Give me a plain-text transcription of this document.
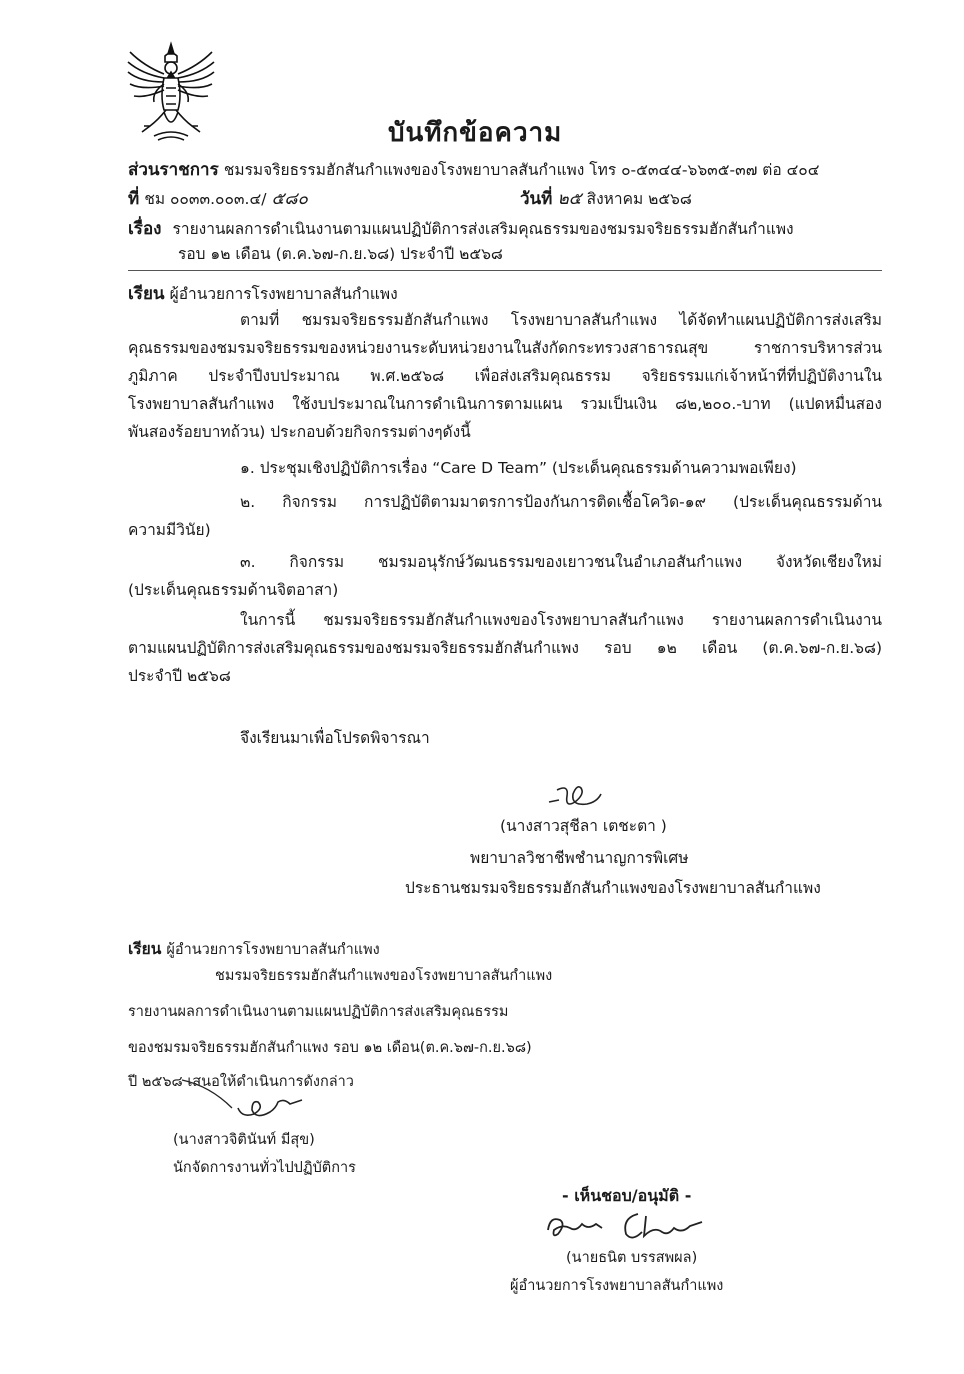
บันทึกข้อความ
ส่วนราชการ ชมรมจริยธรรมฮักสันกำแพงของโรงพยาบาลสันกำแพง โทร ๐-๕๓๔๔-๖๖๓๕-๓๗ ต่อ ๔๐๔
ที่ ชม ๐๐๓๓.๐๐๓.๔/ ๕๘๐	วันที่ ๒๕ สิงหาคม ๒๕๖๘
เรื่อง รายงานผลการดำเนินงานตามแผนปฏิบัติการส่งเสริมคุณธรรมของชมรมจริยธรรมฮักสันกำแพง
รอบ ๑๒ เดือน (ต.ค.๖๗-ก.ย.๖๘) ประจำปี ๒๕๖๘
เรียน ผู้อำนวยการโรงพยาบาลสันกำแพง
ตามที่ ชมรมจริยธรรมฮักสันกำแพง โรงพยาบาลสันกำแพง ได้จัดทำแผนปฏิบัติการส่งเสริม
คุณธรรมของชมรมจริยธรรมของหน่วยงานระดับหน่วยงานในสังกัดกระทรวงสาธารณสุข ราชการบริหารส่วน
ภูมิภาค ประจำปีงบประมาณ พ.ศ.๒๕๖๘ เพื่อส่งเสริมคุณธรรม จริยธรรมแก่เจ้าหน้าที่ที่ปฏิบัติงานใน
โรงพยาบาลสันกำแพง ใช้งบประมาณในการดำเนินการตามแผน รวมเป็นเงิน ๘๒,๒๐๐.-บาท (แปดหมื่นสอง
พันสองร้อยบาทถ้วน) ประกอบด้วยกิจกรรมต่างๆดังนี้
๑. ประชุมเชิงปฏิบัติการเรื่อง “Care D Team” (ประเด็นคุณธรรมด้านความพอเพียง)
๒. กิจกรรม การปฏิบัติตามมาตรการป้องกันการติดเชื้อโควิด-๑๙ (ประเด็นคุณธรรมด้าน
ความมีวินัย)
๓. กิจกรรม ชมรมอนุรักษ์วัฒนธรรมของเยาวชนในอำเภอสันกำแพง จังหวัดเชียงใหม่
(ประเด็นคุณธรรมด้านจิตอาสา)
ในการนี้ ชมรมจริยธรรมฮักสันกำแพงของโรงพยาบาลสันกำแพง รายงานผลการดำเนินงาน
ตามแผนปฏิบัติการส่งเสริมคุณธรรมของชมรมจริยธรรมฮักสันกำแพง รอบ ๑๒ เดือน (ต.ค.๖๗-ก.ย.๖๘)
ประจำปี ๒๕๖๘
จึงเรียนมาเพื่อโปรดพิจารณา
(นางสาวสุชีลา เตชะตา )
พยาบาลวิชาชีพชำนาญการพิเศษ
ประธานชมรมจริยธรรมฮักสันกำแพงของโรงพยาบาลสันกำแพง
เรียน ผู้อำนวยการโรงพยาบาลสันกำแพง
ชมรมจริยธรรมฮักสันกำแพงของโรงพยาบาลสันกำแพง
รายงานผลการดำเนินงานตามแผนปฏิบัติการส่งเสริมคุณธรรม
ของชมรมจริยธรรมฮักสันกำแพง รอบ ๑๒ เดือน(ต.ค.๖๗-ก.ย.๖๘)
ปี ๒๕๖๘ เสนอให้ดำเนินการดังกล่าว
(นางสาวจิตินันท์ มีสุข)
นักจัดการงานทั่วไปปฏิบัติการ
- เห็นชอบ/อนุมัติ -
(นายธนิต บรรสพผล)
ผู้อำนวยการโรงพยาบาลสันกำแพง
